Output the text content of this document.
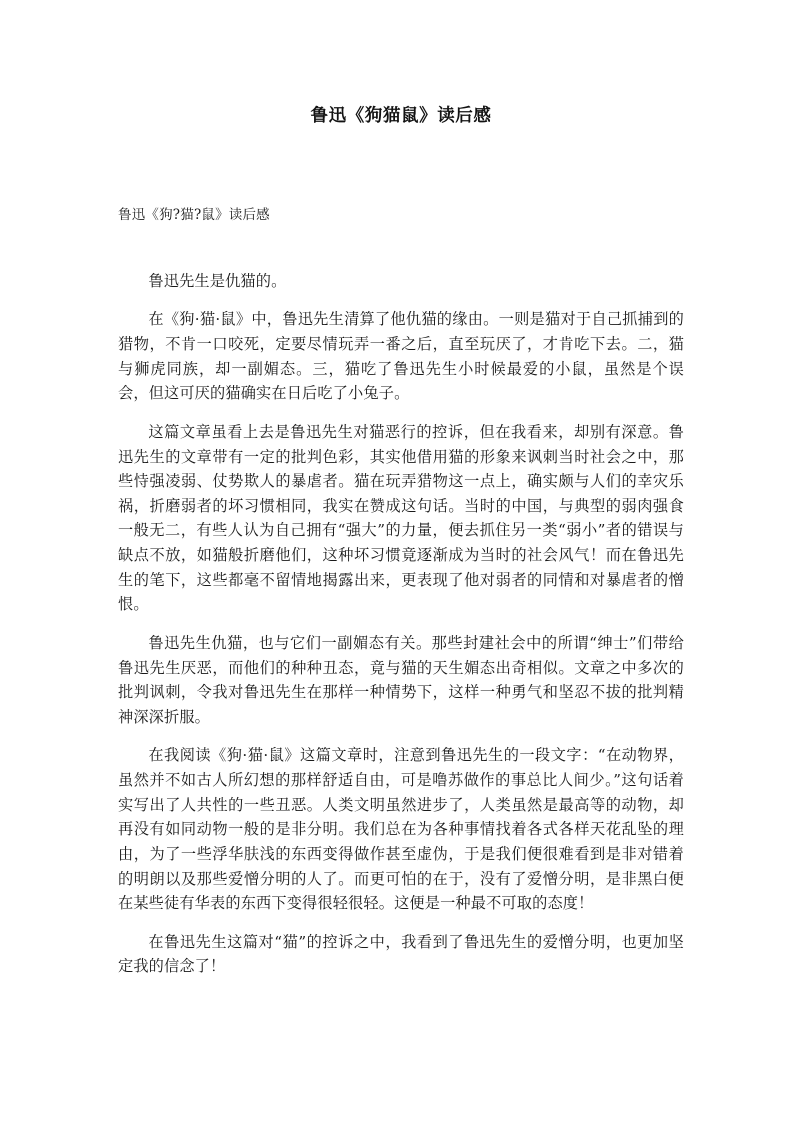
鲁迅《狗猫鼠》读后感
鲁迅《狗?猫?鼠》读后感

鲁迅先生是仇猫的。

在《狗·猫·鼠》中，鲁迅先生清算了他仇猫的缘由。一则是猫对于自己抓捕到的猎物，不肯一口咬死，定要尽情玩弄一番之后，直至玩厌了，才肯吃下去。二，猫与狮虎同族，却一副媚态。三，猫吃了鲁迅先生小时候最爱的小鼠，虽然是个误会，但这可厌的猫确实在日后吃了小兔子。

这篇文章虽看上去是鲁迅先生对猫恶行的控诉，但在我看来，却别有深意。鲁迅先生的文章带有一定的批判色彩，其实他借用猫的形象来讽刺当时社会之中，那些恃强凌弱、仗势欺人的暴虐者。猫在玩弄猎物这一点上，确实颇与人们的幸灾乐祸，折磨弱者的坏习惯相同，我实在赞成这句话。当时的中国，与典型的弱肉强食一般无二，有些人认为自己拥有“强大”的力量，便去抓住另一类“弱小”者的错误与缺点不放，如猫般折磨他们，这种坏习惯竟逐渐成为当时的社会风气！而在鲁迅先生的笔下，这些都毫不留情地揭露出来，更表现了他对弱者的同情和对暴虐者的憎恨。

鲁迅先生仇猫，也与它们一副媚态有关。那些封建社会中的所谓“绅士”们带给鲁迅先生厌恶，而他们的种种丑态，竟与猫的天生媚态出奇相似。文章之中多次的批判讽刺，令我对鲁迅先生在那样一种情势下，这样一种勇气和坚忍不拔的批判精神深深折服。

在我阅读《狗·猫·鼠》这篇文章时，注意到鲁迅先生的一段文字：“在动物界，虽然并不如古人所幻想的那样舒适自由，可是噜苏做作的事总比人间少。”这句话着实写出了人共性的一些丑恶。人类文明虽然进步了，人类虽然是最高等的动物，却再没有如同动物一般的是非分明。我们总在为各种事情找着各式各样天花乱坠的理由，为了一些浮华肤浅的东西变得做作甚至虚伪，于是我们便很难看到是非对错着的明朗以及那些爱憎分明的人了。而更可怕的在于，没有了爱憎分明，是非黑白便在某些徒有华表的东西下变得很轻很轻。这便是一种最不可取的态度！

在鲁迅先生这篇对“猫”的控诉之中，我看到了鲁迅先生的爱憎分明，也更加坚定我的信念了！
